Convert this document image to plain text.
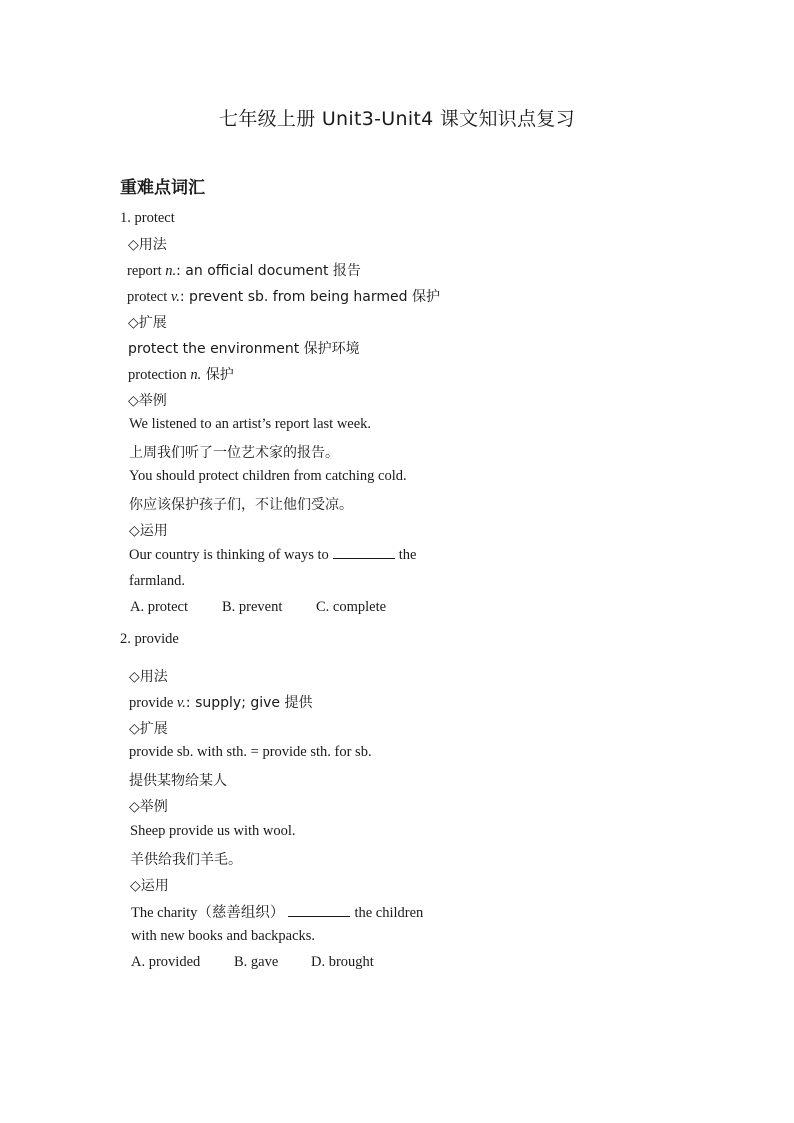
七年级上册 Unit3-Unit4 课文知识点复习
重难点词汇
1. protect
◇用法
report n.: an official document 报告
protect v.: prevent sb. from being harmed 保护
◇扩展
protect the environment 保护环境
protection n. 保护
◇举例
We listened to an artist’s report last week.
上周我们听了一位艺术家的报告。
You should protect children from catching cold.
你应该保护孩子们，不让他们受凉。
◇运用
Our country is thinking of ways to	the
farmland.
A. protect B. prevent C. complete
2. provide
◇用法
provide v.: supply; give 提供
◇扩展
provide sb. with sth. = provide sth. for sb.
提供某物给某人
◇举例
Sheep provide us with wool.
羊供给我们羊毛。
◇运用
The charity（慈善组织）	the children
with new books and backpacks.
A. provided B. gave D. brought
